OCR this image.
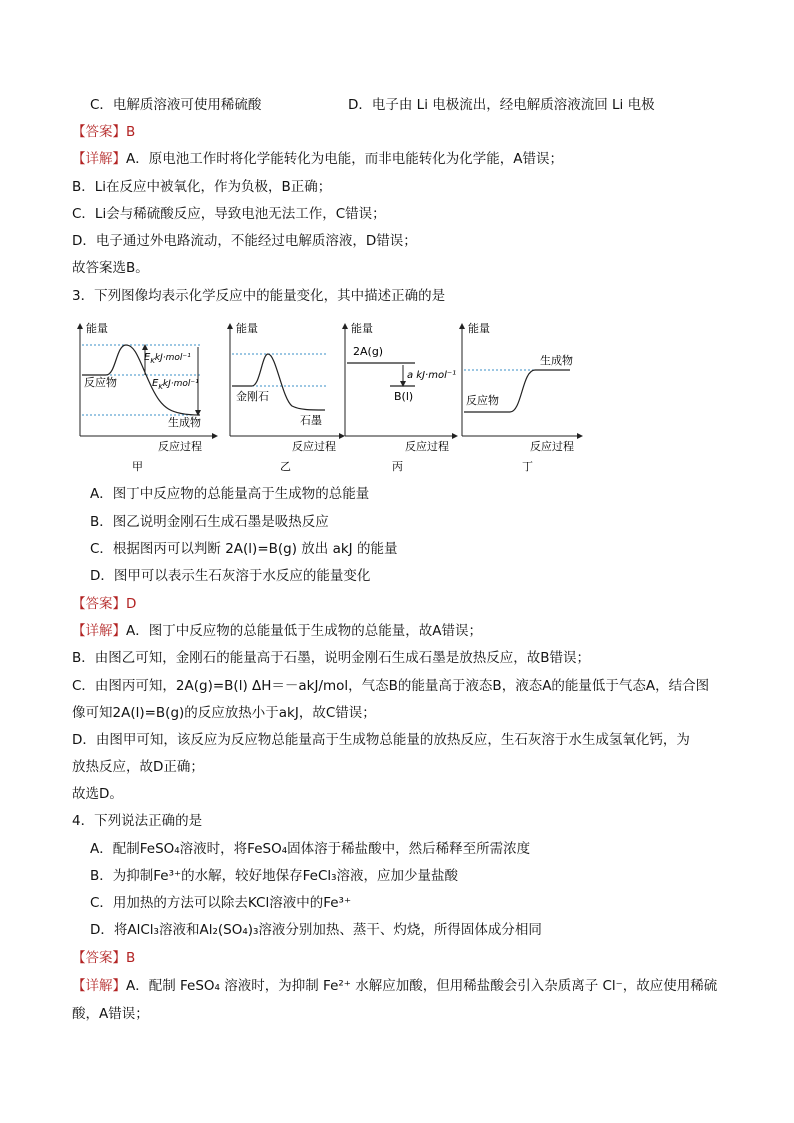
C．电解质溶液可使用稀硫酸	D．电子由 Li 电极流出，经电解质溶液流回 Li 电极
【答案】B
【详解】A．原电池工作时将化学能转化为电能，而非电能转化为化学能，A错误；
B．Li在反应中被氧化，作为负极，B正确；
C．Li会与稀硫酸反应，导致电池无法工作，C错误；
D．电子通过外电路流动，不能经过电解质溶液，D错误；
故答案选B。
3．下列图像均表示化学反应中的能量变化，其中描述正确的是
能量
$E_KkJ\cdot mol^{-1}$
$E_KkJ\cdot mol^{-1}$
反应物
生成物
反应过程
甲
能量
金刚石
石墨
反应过程
乙
能量
2A(g)
a kJ·mol⁻¹
B(l)
反应过程
丙
能量
生成物
反应物
反应过程
丁
A．图丁中反应物的总能量高于生成物的总能量
B．图乙说明金刚石生成石墨是吸热反应
C．根据图丙可以判断 2A(l)=B(g) 放出 akJ 的能量
D．图甲可以表示生石灰溶于水反应的能量变化
【答案】D
【详解】A．图丁中反应物的总能量低于生成物的总能量，故A错误；
B．由图乙可知，金刚石的能量高于石墨，说明金刚石生成石墨是放热反应，故B错误；
C．由图丙可知，2A(g)=B(l) ΔH＝－akJ/mol，气态B的能量高于液态B，液态A的能量低于气态A，结合图
像可知2A(l)=B(g)的反应放热小于akJ，故C错误；
D．由图甲可知，该反应为反应物总能量高于生成物总能量的放热反应，生石灰溶于水生成氢氧化钙，为
放热反应，故D正确；
故选D。
4．下列说法正确的是
A．配制FeSO₄溶液时，将FeSO₄固体溶于稀盐酸中，然后稀释至所需浓度
B．为抑制Fe³⁺的水解，较好地保存FeCl₃溶液，应加少量盐酸
C．用加热的方法可以除去KCl溶液中的Fe³⁺
D．将AlCl₃溶液和Al₂(SO₄)₃溶液分别加热、蒸干、灼烧，所得固体成分相同
【答案】B
【详解】A．配制 FeSO₄ 溶液时，为抑制 Fe²⁺ 水解应加酸，但用稀盐酸会引入杂质离子 Cl⁻，故应使用稀硫
酸，A错误；
